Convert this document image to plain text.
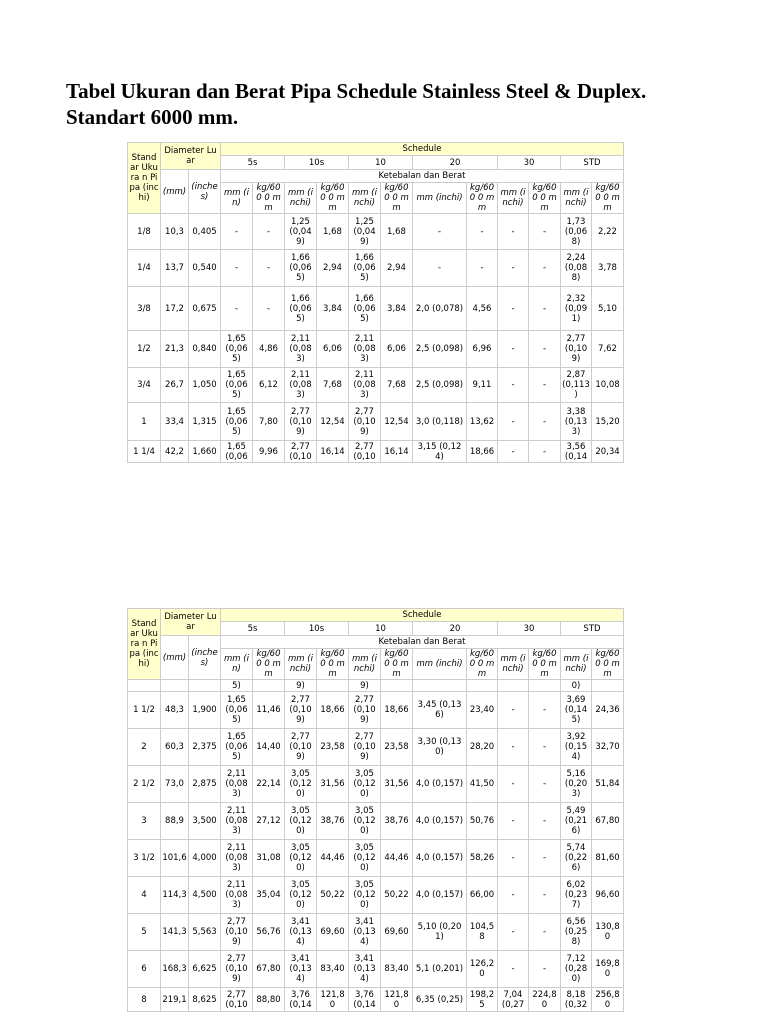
Tabel Ukuran dan Berat Pipa Schedule Stainless Steel & Duplex. Standart 6000 mm.
Stand ar Ukura n Pipa (inchi)	Diameter Luar		Schedule											
			5s		10s		10		20		30		STD	
	(mm)	(inche s)	Ketebalan dan Berat											
			mm (in)	kg/600 0 mm	mm (inchi)	kg/600 0 mm	mm (inchi)	kg/600 0 mm	mm (inchi)	kg/600 0 mm	mm (inchi)	kg/600 0 mm	mm (inchi)	kg/600 0 mm
1/8	10,3	0,405	-	-	1,25 (0,04 9)	1,68	1,25 (0,04 9)	1,68	-	-	-	-	1,73 (0,06 8)	2,22
1/4	13,7	0,540	-	-	1,66 (0,06 5)	2,94	1,66 (0,06 5)	2,94	-	-	-	-	2,24 (0,08 8)	3,78
3/8	17,2	0,675	-	-	1,66 (0,06 5)	3,84	1,66 (0,06 5)	3,84	2,0 (0,078)	4,56	-	-	2,32 (0,09 1)	5,10
1/2	21,3	0,840	1,65 (0,06 5)	4,86	2,11 (0,08 3)	6,06	2,11 (0,08 3)	6,06	2,5 (0,098)	6,96	-	-	2,77 (0,10 9)	7,62
3/4	26,7	1,050	1,65 (0,06 5)	6,12	2,11 (0,08 3)	7,68	2,11 (0,08 3)	7,68	2,5 (0,098)	9,11	-	-	2,87 (0,113 )	10,08
1	33,4	1,315	1,65 (0,06 5)	7,80	2,77 (0,10 9)	12,54	2,77 (0,10 9)	12,54	3,0 (0,118)	13,62	-	-	3,38 (0,13 3)	15,20
1 1/4	42,2	1,660	1,65 (0,06	9,96	2,77 (0,10	16,14	2,77 (0,10	16,14	3,15 (0,124)	18,66	-	-	3,56 (0,14	20,34
Stand ar Ukura n Pipa (inchi)	Diameter Luar		Schedule											
			5s		10s		10		20		30		STD	
	(mm)	(inche s)	Ketebalan dan Berat											
			mm (in)	kg/600 0 mm	mm (inchi)	kg/600 0 mm	mm (inchi)	kg/600 0 mm	mm (inchi)	kg/600 0 mm	mm (inchi)	kg/600 0 mm	mm (inchi)	kg/600 0 mm
			5)		9)		9)						0)	
1 1/2	48,3	1,900	1,65 (0,06 5)	11,46	2,77 (0,10 9)	18,66	2,77 (0,10 9)	18,66	3,45 (0,136)	23,40	-	-	3,69 (0,14 5)	24,36
2	60,3	2,375	1,65 (0,06 5)	14,40	2,77 (0,10 9)	23,58	2,77 (0,10 9)	23,58	3,30 (0,130)	28,20	-	-	3,92 (0,15 4)	32,70
2 1/2	73,0	2,875	2,11 (0,08 3)	22,14	3,05 (0,12 0)	31,56	3,05 (0,12 0)	31,56	4,0 (0,157)	41,50	-	-	5,16 (0,20 3)	51,84
3	88,9	3,500	2,11 (0,08 3)	27,12	3,05 (0,12 0)	38,76	3,05 (0,12 0)	38,76	4,0 (0,157)	50,76	-	-	5,49 (0,21 6)	67,80
3 1/2	101,6	4,000	2,11 (0,08 3)	31,08	3,05 (0,12 0)	44,46	3,05 (0,12 0)	44,46	4,0 (0,157)	58,26	-	-	5,74 (0,22 6)	81,60
4	114,3	4,500	2,11 (0,08 3)	35,04	3,05 (0,12 0)	50,22	3,05 (0,12 0)	50,22	4,0 (0,157)	66,00	-	-	6,02 (0,23 7)	96,60
5	141,3	5,563	2,77 (0,10 9)	56,76	3,41 (0,13 4)	69,60	3,41 (0,13 4)	69,60	5,10 (0,201)	104,58	-	-	6,56 (0,25 8)	130,80
6	168,3	6,625	2,77 (0,10 9)	67,80	3,41 (0,13 4)	83,40	3,41 (0,13 4)	83,40	5,1 (0,201)	126,20	-	-	7,12 (0,28 0)	169,80
8	219,1	8,625	2,77 (0,10	88,80	3,76 (0,14	121,80	3,76 (0,14	121,80	6,35 (0,25)	198,25	7,04 (0,27	224,80	8,18 (0,32	256,80
